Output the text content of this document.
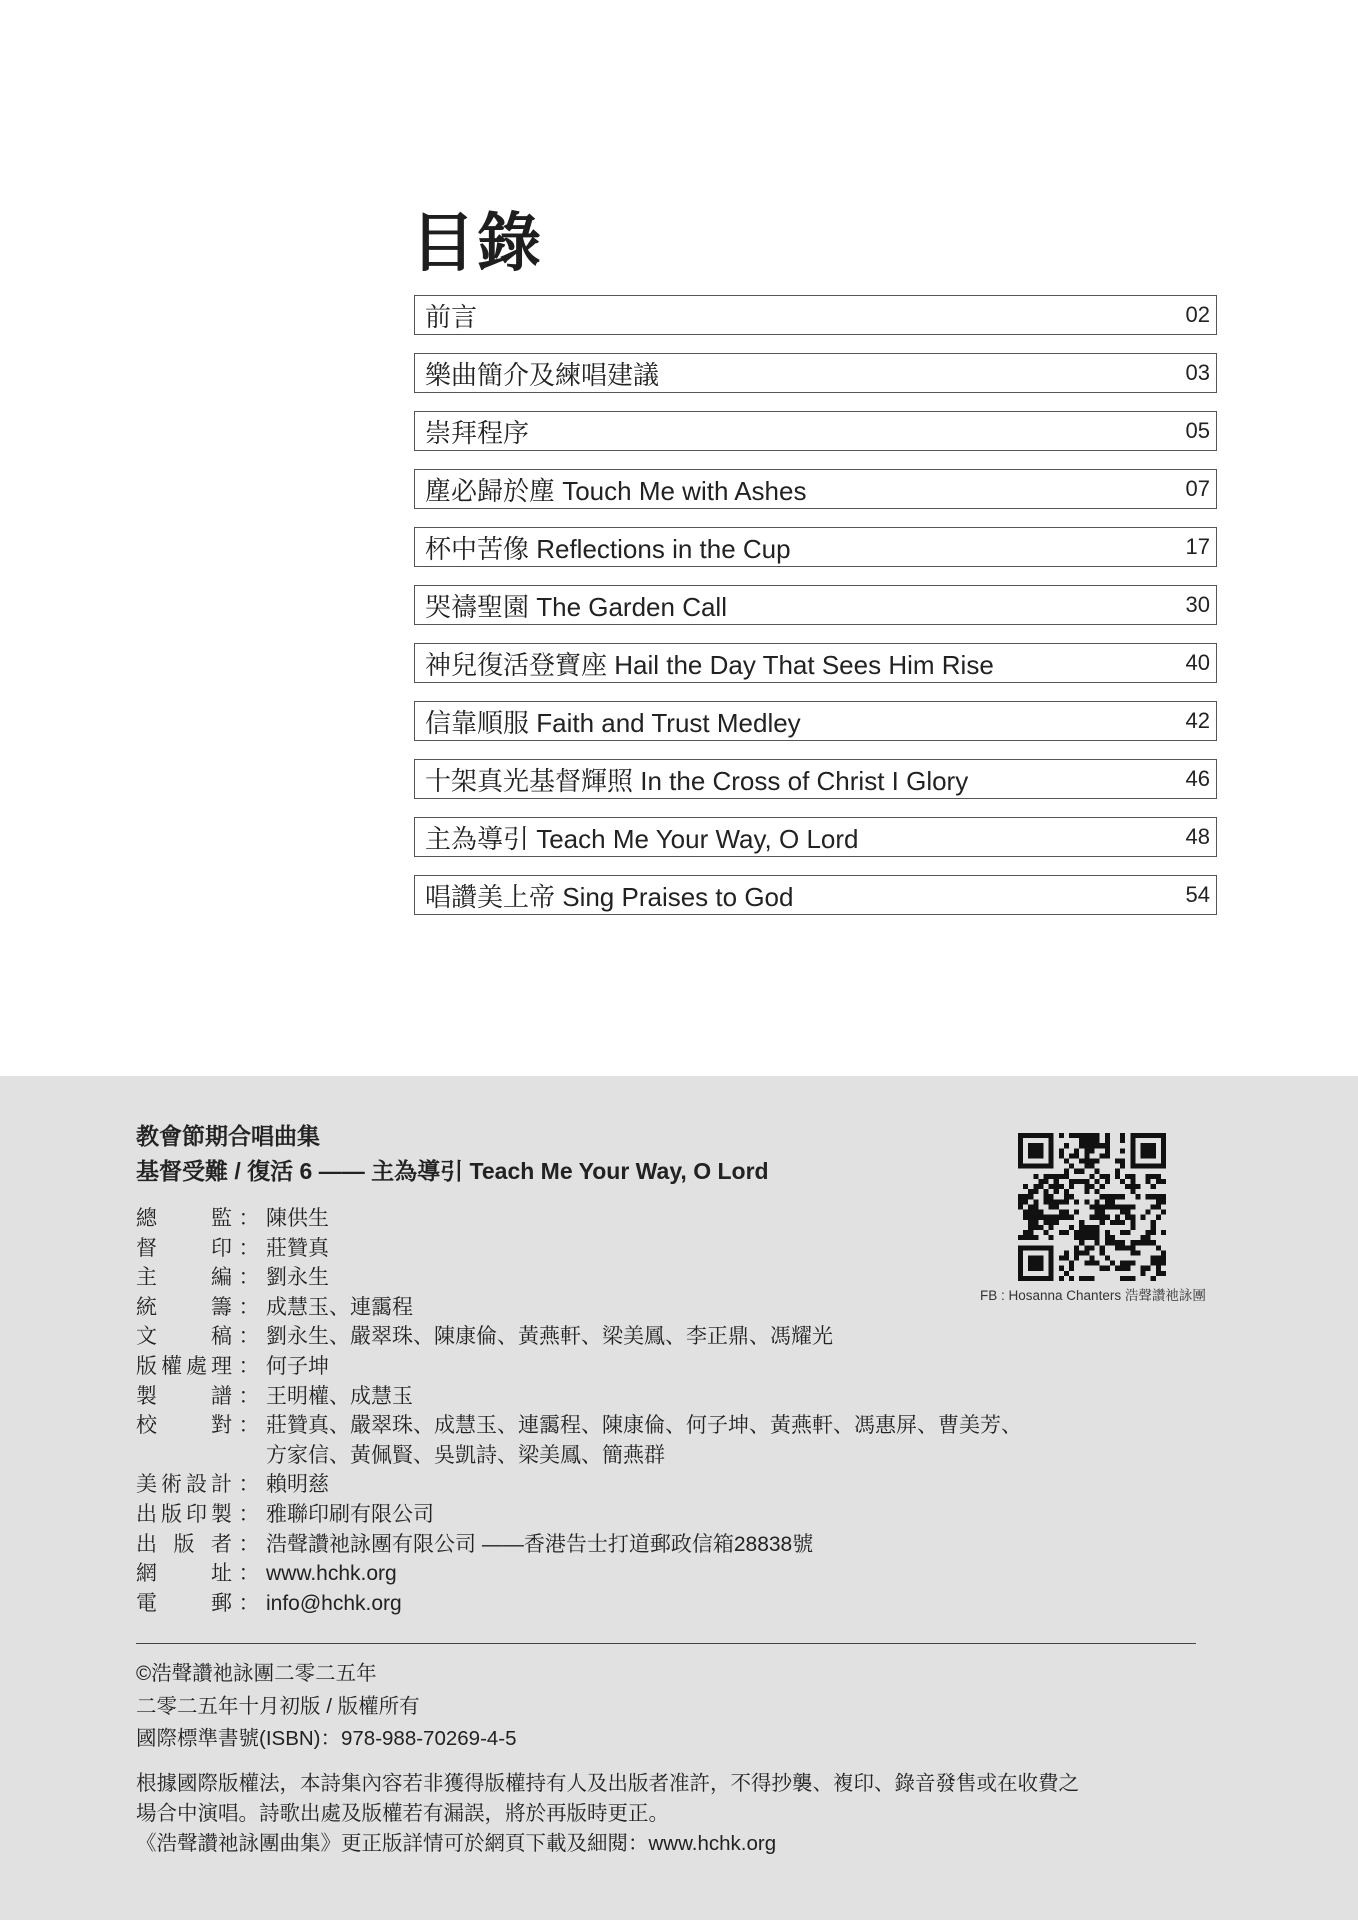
目錄
前言	02
樂曲簡介及練唱建議	03
崇拜程序	05
塵必歸於塵 Touch Me with Ashes	07
杯中苦像 Reflections in the Cup	17
哭禱聖園 The Garden Call	30
神兒復活登寶座 Hail the Day That Sees Him Rise	40
信靠順服 Faith and Trust Medley	42
十架真光基督輝照 In the Cross of Christ I Glory	46
主為導引 Teach Me Your Way, O Lord	48
唱讚美上帝 Sing Praises to God	54
教會節期合唱曲集
基督受難 / 復活 6 —— 主為導引 Teach Me Your Way, O Lord
FB : Hosanna Chanters 浩聲讚祂詠團
總	監 ： 陳供生
督	印 ： 莊贊真
主	編 ： 劉永生
統	籌 ： 成慧玉、連靄程
文	稿 ： 劉永生、嚴翠珠、陳康倫、黃燕軒、梁美鳳、李正鼎、馮耀光
版 權 處 理 ： 何子坤
製	譜 ： 王明權、成慧玉
校	對 ： 莊贊真、嚴翠珠、成慧玉、連靄程、陳康倫、何子坤、黃燕軒、馮惠屏、曹美芳、
方家信、黃佩賢、吳凱詩、梁美鳳、簡燕群
美 術 設 計 ： 賴明慈
出 版 印 製 ： 雅聯印刷有限公司
出 版 者 ： 浩聲讚祂詠團有限公司 ——香港告士打道郵政信箱28838號
網	址 ： www.hchk.org
電	郵 ： info@hchk.org
©浩聲讚祂詠團二零二五年
二零二五年十月初版 / 版權所有
國際標準書號(ISBN)：978-988-70269-4-5
根據國際版權法，本詩集內容若非獲得版權持有人及出版者准許，不得抄襲、複印、錄音發售或在收費之
場合中演唱。詩歌出處及版權若有漏誤，將於再版時更正。
《浩聲讚祂詠團曲集》更正版詳情可於網頁下載及細閱：www.hchk.org
